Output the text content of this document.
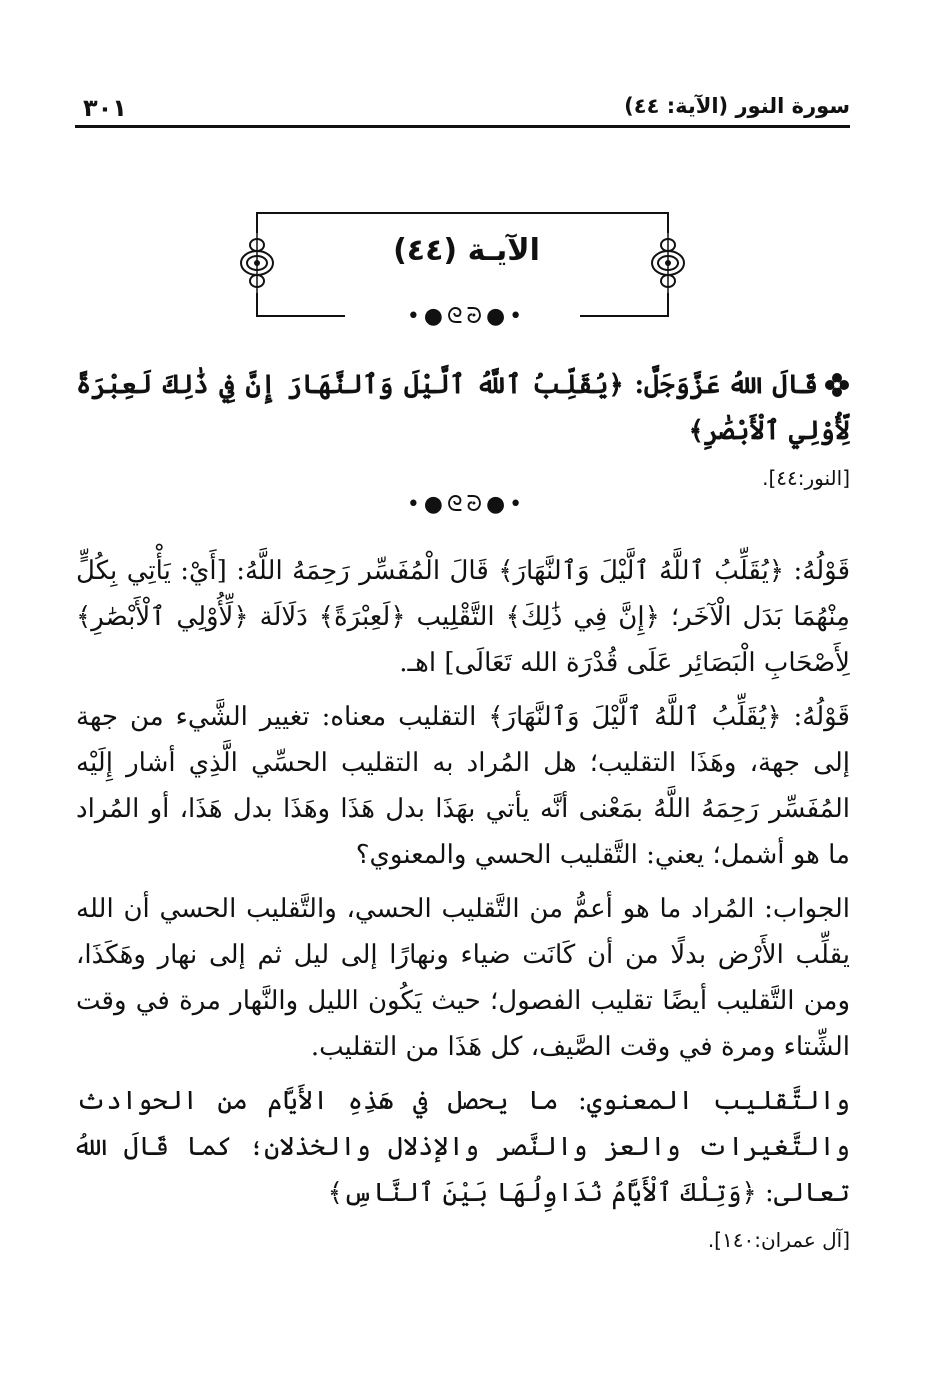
سورة النور (الآية: ٤٤)
٣٠١
الآيـة (٤٤)
•●ᘓᘒ●•

قَالَ اللهُ عَزَّوَجَلَّ: ﴿يُقَلِّبُ ٱللَّهُ ٱلَّيْلَ وَٱلنَّهَارَ إِنَّ فِي ذَٰلِكَ لَعِبْرَةً لِّأُوْلِي ٱلْأَبْصَٰرِ﴾

[النور:٤٤].

•●ᘓᘒ●•

قَوْلُهُ: ﴿يُقَلِّبُ ٱللَّهُ ٱلَّيْلَ وَٱلنَّهَارَ﴾ قَالَ الْمُفَسِّر رَحِمَهُ اللَّهُ: [أَيْ: يَأْتِي بِكُلٍّ مِنْهُمَا بَدَل الْآخَر؛ ﴿إِنَّ فِي ذَٰلِكَ﴾ التَّقْلِيب ﴿لَعِبْرَةً﴾ دَلَالَة ﴿لِّأُوْلِي ٱلْأَبْصَٰرِ﴾ لِأَصْحَابِ الْبَصَائِر عَلَى قُدْرَة الله تَعَالَى] اهـ.

قَوْلُهُ: ﴿يُقَلِّبُ ٱللَّهُ ٱلَّيْلَ وَٱلنَّهَارَ﴾ التقليب معناه: تغيير الشَّيء من جهة إلى جهة، وهَذَا التقليب؛ هل المُراد به التقليب الحسِّي الَّذِي أشار إِلَيْه المُفَسِّر رَحِمَهُ اللَّهُ بمَعْنى أنَّه يأتي بهَذَا بدل هَذَا وهَذَا بدل هَذَا، أو المُراد ما هو أشمل؛ يعني: التَّقليب الحسي والمعنوي؟

الجواب: المُراد ما هو أعمُّ من التَّقليب الحسي، والتَّقليب الحسي أن الله يقلِّب الأَرْض بدلًا من أن كَانَت ضياء ونهارًا إلى ليل ثم إلى نهار وهَكَذَا، ومن التَّقليب أيضًا تقليب الفصول؛ حيث يَكُون الليل والنَّهار مرة في وقت الشِّتاء ومرة في وقت الصَّيف، كل هَذَا من التقليب.

والتَّقليب المعنوي: ما يحصل في هَذِهِ الأَيَّام من الحوادث والتَّغيرات والعز والنَّصر والإذلال والخذلان؛ كما قَالَ اللهُ تعالى: ﴿وَتِلْكَ ٱلْأَيَّامُ نُدَاوِلُهَا بَيْنَ ٱلنَّاسِ﴾

[آل عمران:١٤٠].
